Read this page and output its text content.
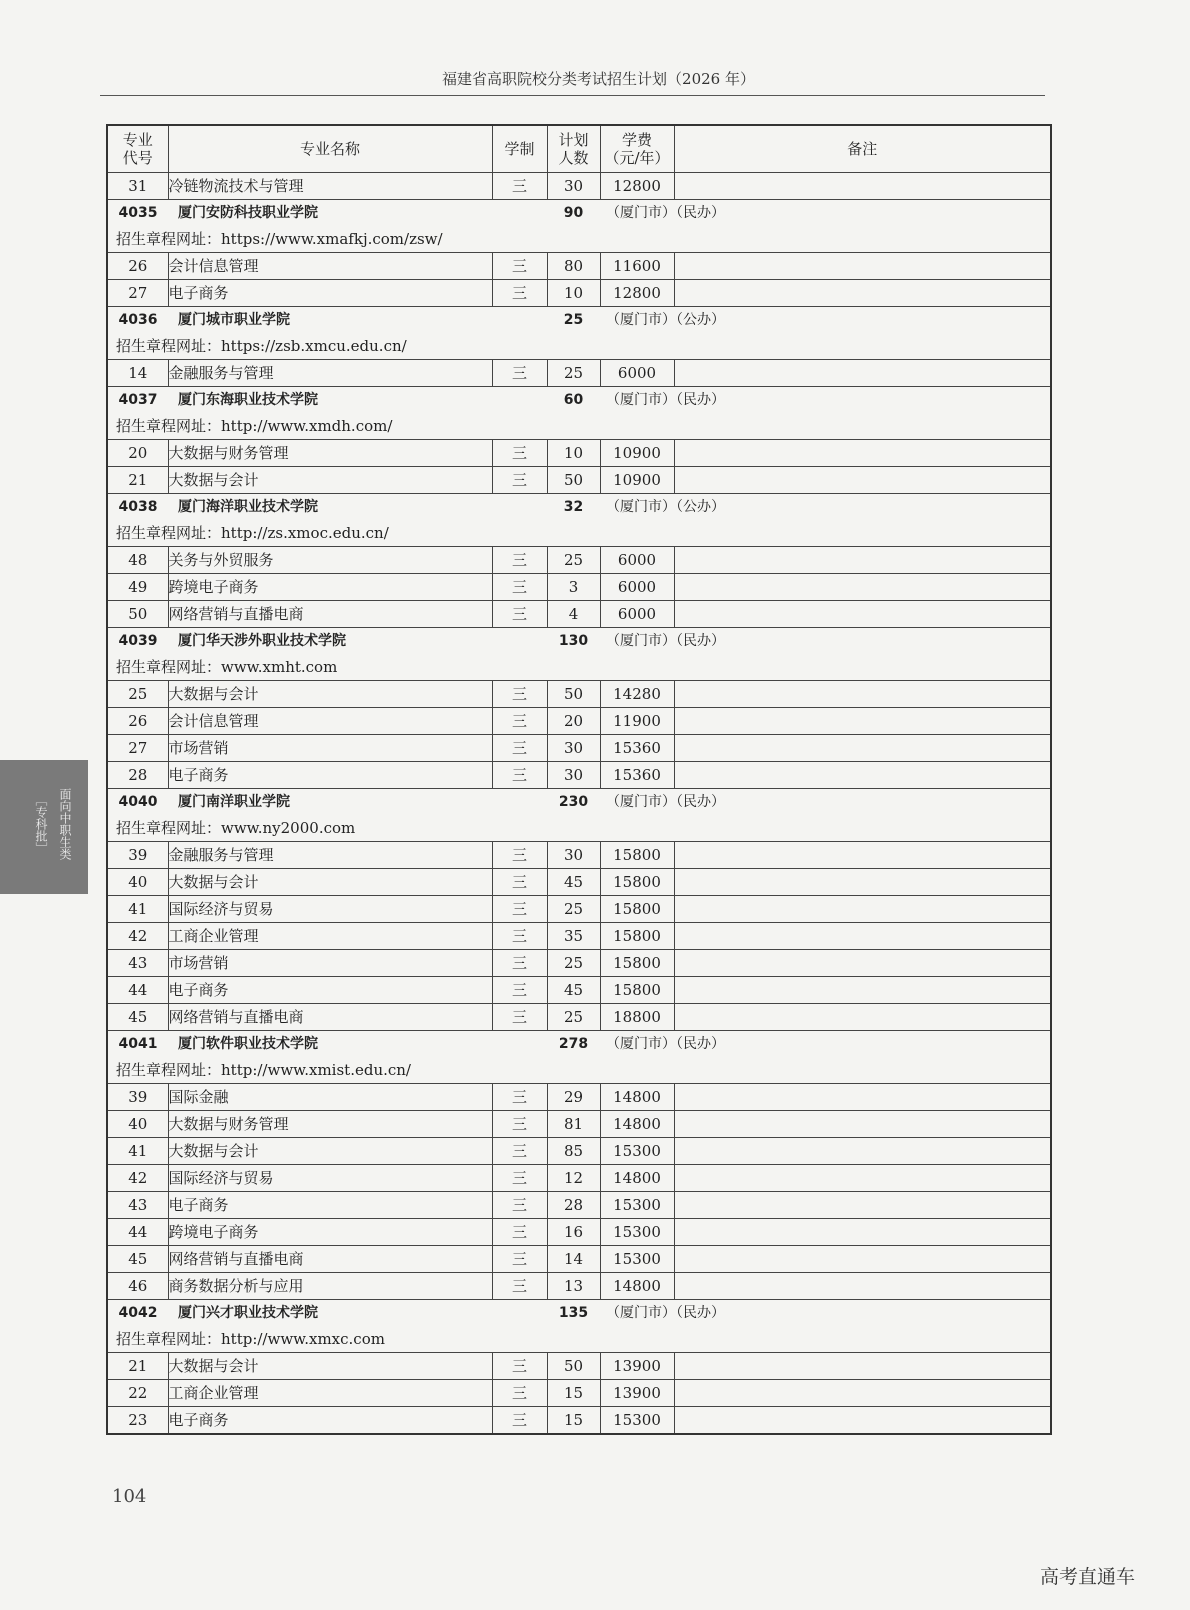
福建省高职院校分类考试招生计划（2026 年）
面向中职生类
［专科批］
专业代号	专业名称	学制	计划人数	学费（元/年）	备注
31	冷链物流技术与管理	三	30	12800	
4035	厦门安防科技职业学院		90	（厦门市）（民办）	
招生章程网址：https://www.xmafkj.com/zsw/					
26	会计信息管理	三	80	11600	
27	电子商务	三	10	12800	
4036	厦门城市职业学院		25	（厦门市）（公办）	
招生章程网址：https://zsb.xmcu.edu.cn/					
14	金融服务与管理	三	25	6000	
4037	厦门东海职业技术学院		60	（厦门市）（民办）	
招生章程网址：http://www.xmdh.com/					
20	大数据与财务管理	三	10	10900	
21	大数据与会计	三	50	10900	
4038	厦门海洋职业技术学院		32	（厦门市）（公办）	
招生章程网址：http://zs.xmoc.edu.cn/					
48	关务与外贸服务	三	25	6000	
49	跨境电子商务	三	3	6000	
50	网络营销与直播电商	三	4	6000	
4039	厦门华天涉外职业技术学院		130	（厦门市）（民办）	
招生章程网址：www.xmht.com					
25	大数据与会计	三	50	14280	
26	会计信息管理	三	20	11900	
27	市场营销	三	30	15360	
28	电子商务	三	30	15360	
4040	厦门南洋职业学院		230	（厦门市）（民办）	
招生章程网址：www.ny2000.com					
39	金融服务与管理	三	30	15800	
40	大数据与会计	三	45	15800	
41	国际经济与贸易	三	25	15800	
42	工商企业管理	三	35	15800	
43	市场营销	三	25	15800	
44	电子商务	三	45	15800	
45	网络营销与直播电商	三	25	18800	
4041	厦门软件职业技术学院		278	（厦门市）（民办）	
招生章程网址：http://www.xmist.edu.cn/					
39	国际金融	三	29	14800	
40	大数据与财务管理	三	81	14800	
41	大数据与会计	三	85	15300	
42	国际经济与贸易	三	12	14800	
43	电子商务	三	28	15300	
44	跨境电子商务	三	16	15300	
45	网络营销与直播电商	三	14	15300	
46	商务数据分析与应用	三	13	14800	
4042	厦门兴才职业技术学院		135	（厦门市）（民办）	
招生章程网址：http://www.xmxc.com					
21	大数据与会计	三	50	13900	
22	工商企业管理	三	15	13900	
23	电子商务	三	15	15300	
104
高考直通车
